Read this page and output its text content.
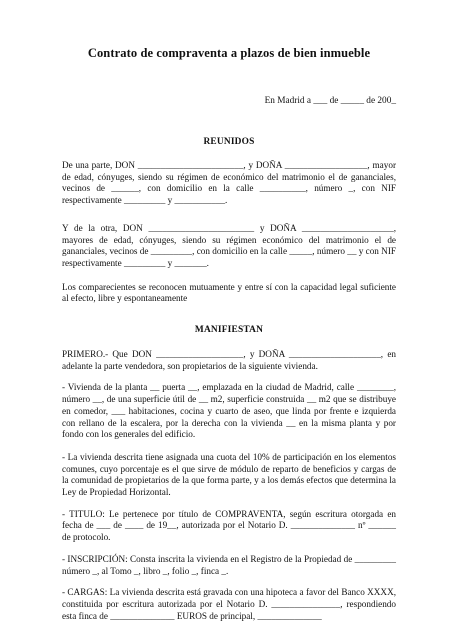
Contrato de compraventa a plazos de bien inmueble
En Madrid a ___ de _____ de 200_
REUNIDOS

De una parte, DON _______________________, y DOÑA __________________, mayor de edad, cónyuges, siendo su régimen de económico del matrimonio el de gananciales, vecinos de ______, con domicilio en la calle __________, número _, con NIF respectivamente _________ y ___________.

Y de la otra, DON _______________________ y DOÑA ____________________, mayores de edad, cónyuges, siendo su régimen económico del matrimonio el de gananciales, vecinos de _________, con domicilio en la calle _____, número __ y con NIF respectivamente _________ y _______.

Los comparecientes se reconocen mutuamente y entre sí con la capacidad legal suficiente al efecto, libre y espontaneamente

MANIFIESTAN

PRIMERO.- Que DON ___________________, y DOÑA ____________________, en adelante la parte vendedora, son propietarios de la siguiente vivienda.

- Vivienda de la planta __ puerta __, emplazada en la ciudad de Madrid, calle ________, número __, de una superficie útil de __ m2, superficie construida __ m2 que se distribuye en comedor, ___ habitaciones, cocina y cuarto de aseo, que linda por frente e izquierda con rellano de la escalera, por la derecha con la vivienda __ en la misma planta y por fondo con los generales del edificio.

- La vivienda descrita tiene asignada una cuota del 10% de participación en los elementos comunes, cuyo porcentaje es el que sirve de módulo de reparto de beneficios y cargas de la comunidad de propietarios de la que forma parte, y a los demás efectos que determina la Ley de Propiedad Horizontal.

- TITULO: Le pertenece por título de COMPRAVENTA, según escritura otorgada en fecha de ___ de ____ de 19__, autorizada por el Notario D. ______________ nº ______ de protocolo.

- INSCRIPCIÓN: Consta inscrita la vivienda en el Registro de la Propiedad de _________ número _, al Tomo _, libro _, folio _, finca _.

- CARGAS: La vivienda descrita está gravada con una hipoteca a favor del Banco XXXX, constituida por escritura autorizada por el Notario D. _______________, respondiendo esta finca de ______________ EUROS de principal, ______________
